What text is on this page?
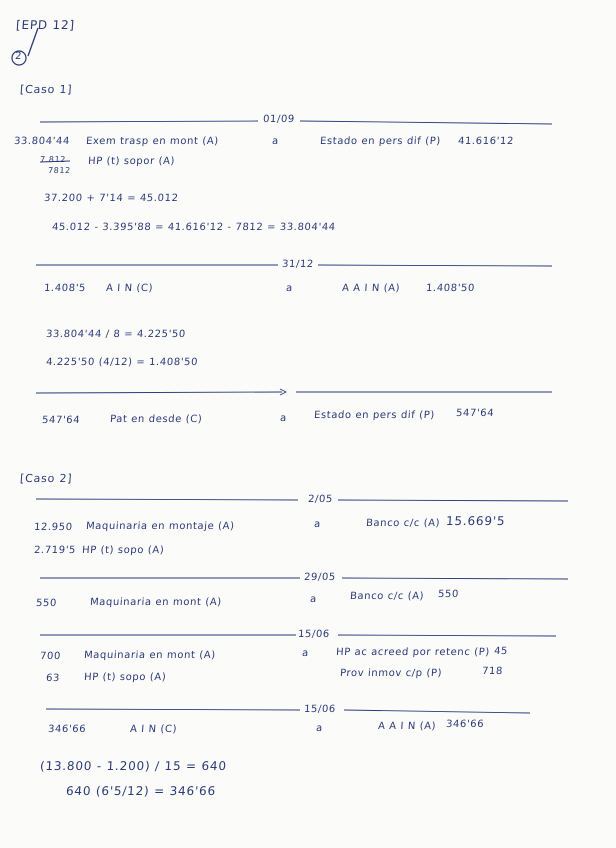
[EPD 12]
2
[Caso 1]
01/09
33.804'44 Exem trasp en mont (A)	a	Estado en pers dif (P) 41.616'12
7.812 HP (t) sopor (A)
7812
37.200 + 7'14 = 45.012
45.012 - 3.395'88 = 41.616'12 - 7812 = 33.804'44
31/12
1.408'5 A I N (C)	a	A A I N (A)	1.408'50
33.804'44 / 8 = 4.225'50
4.225'50 (4/12) = 1.408'50
547'64	Pat en desde (C)	a	Estado en pers dif (P) 547'64
[Caso 2]
2/05
12.950 Maquinaria en montaje (A)	a	Banco c/c (A) 15.669'5
2.719'5 HP (t) sopo (A)
29/05
550	Maquinaria en mont (A)	a	Banco c/c (A) 550
15/06
700 Maquinaria en mont (A)	a	HP ac acreed por retenc (P) 45
63 HP (t) sopo (A)	Prov inmov c/p (P)	718
15/06
346'66	A I N (C)	a	A A I N (A) 346'66
(13.800 - 1.200) / 15 = 640
640 (6'5/12) = 346'66
